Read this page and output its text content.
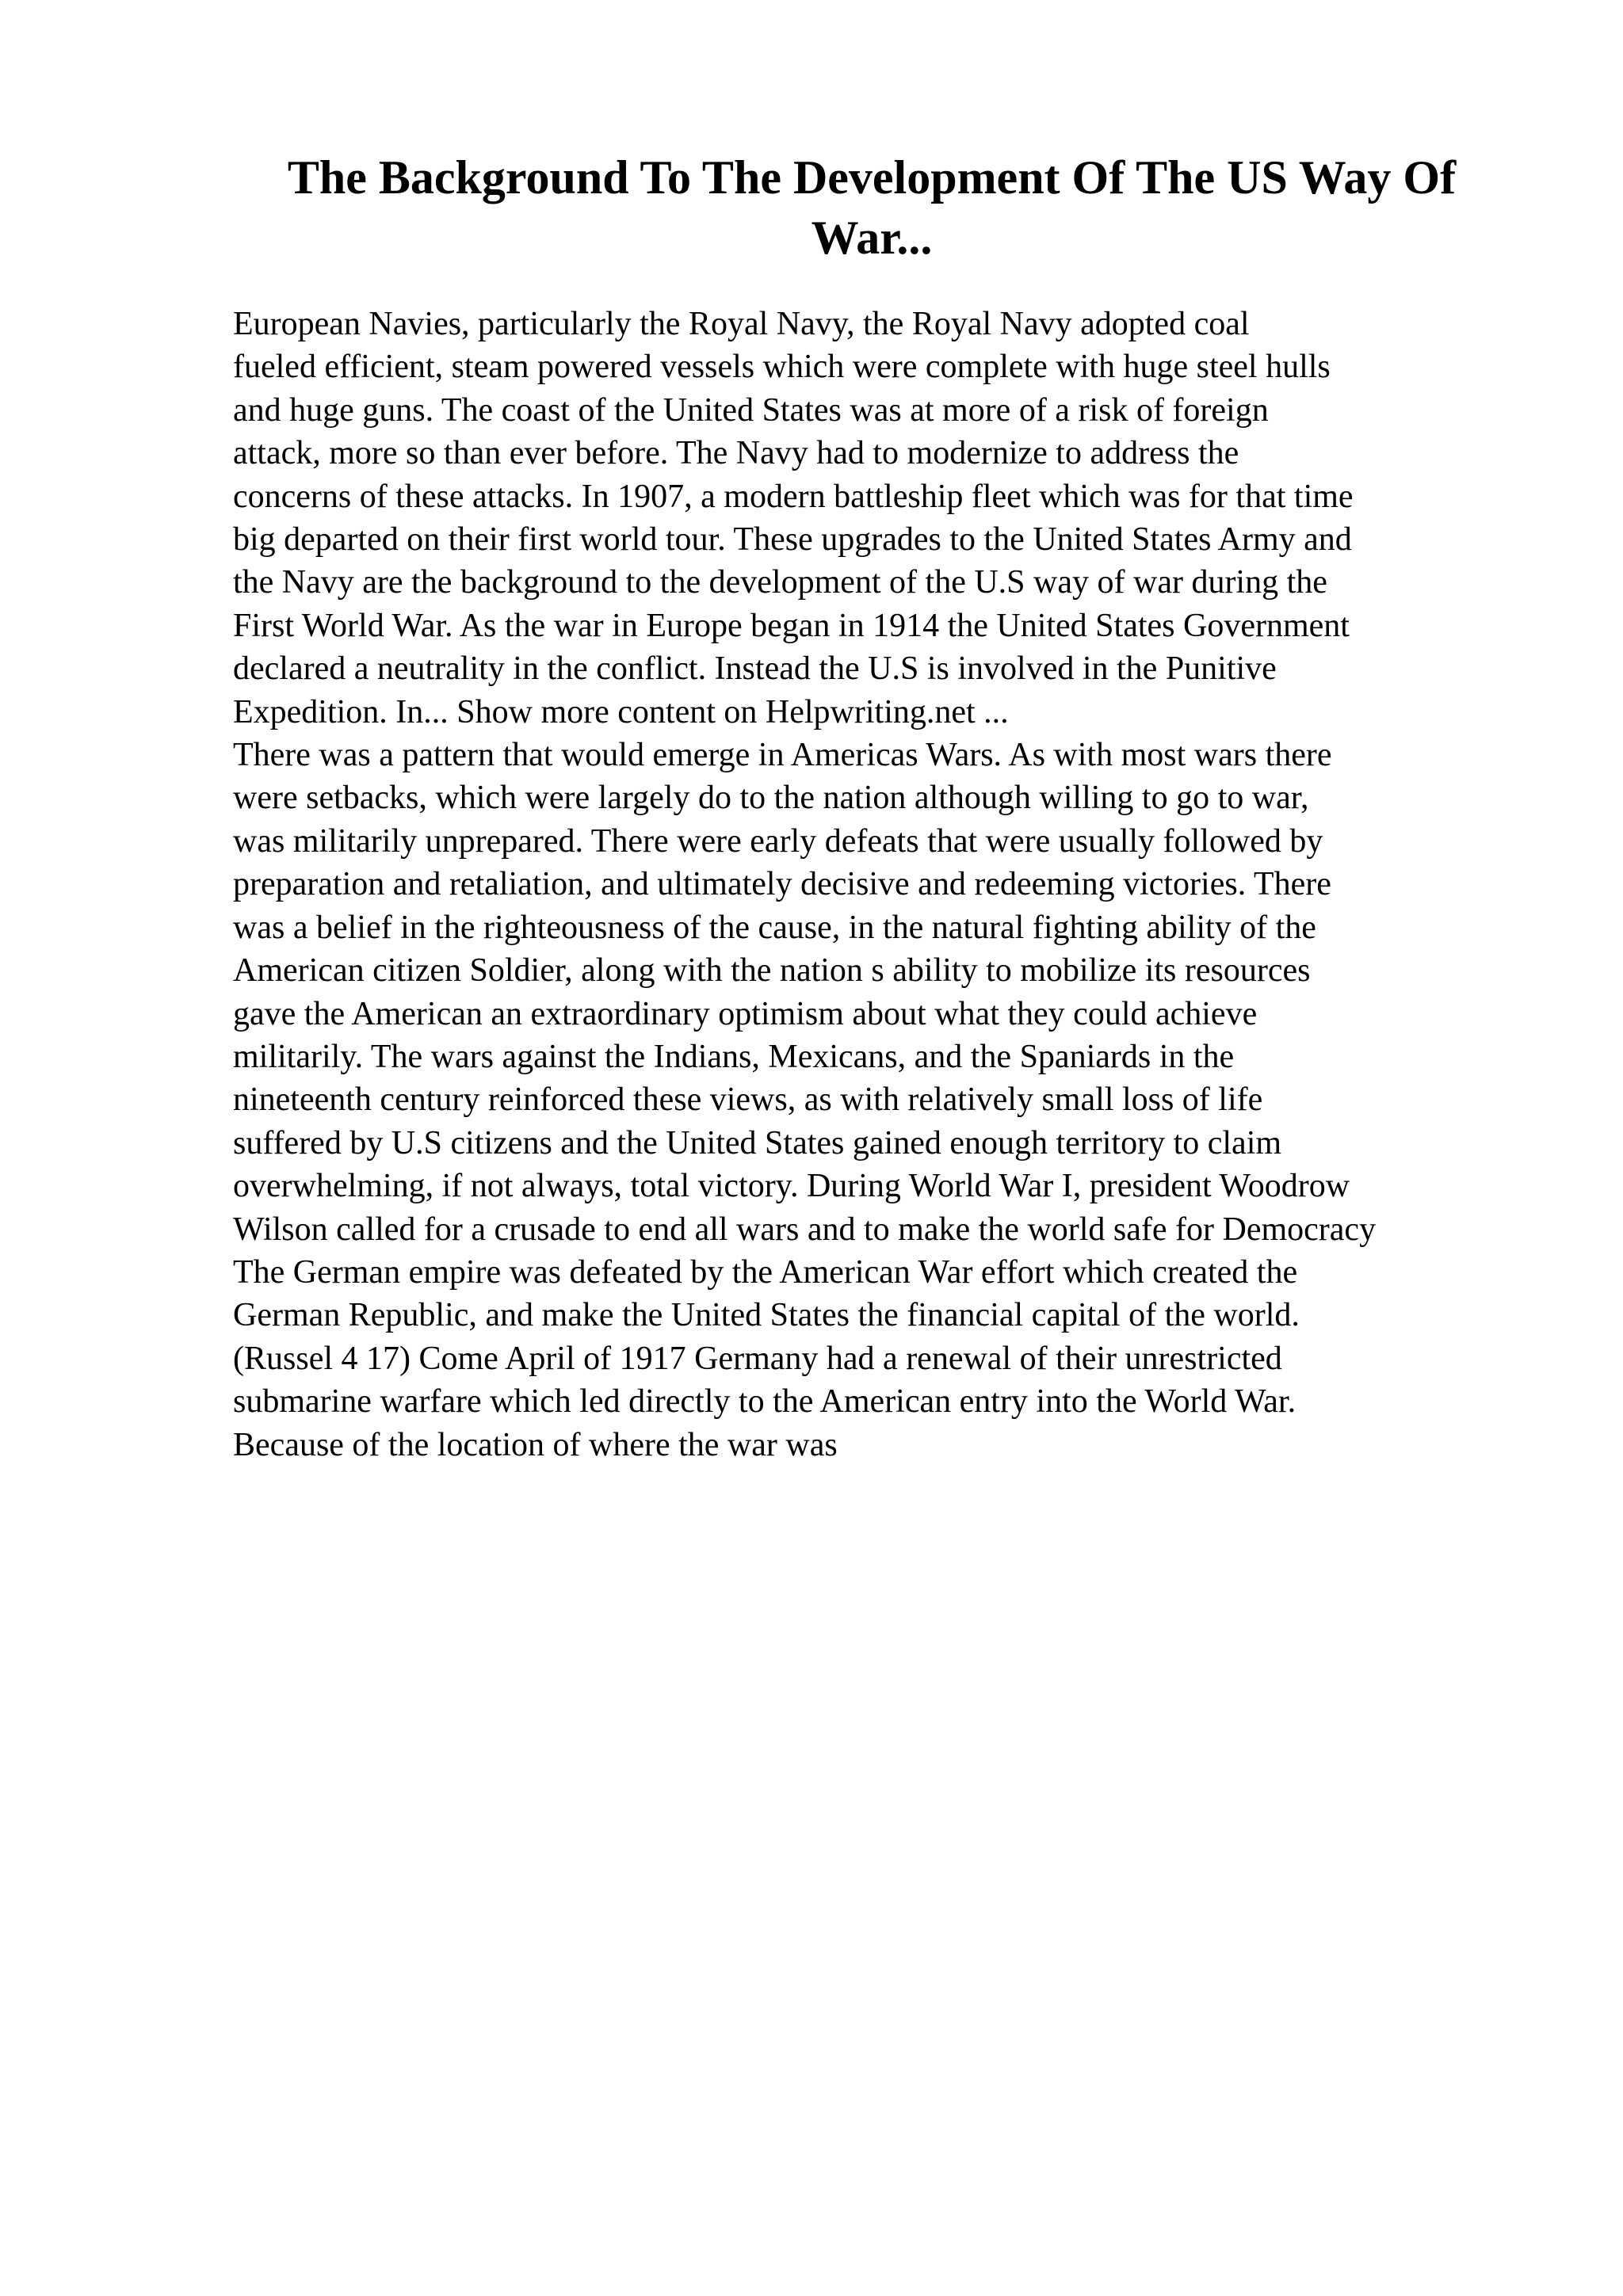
The Background To The Development Of The US Way Of
War...
European Navies, particularly the Royal Navy, the Royal Navy adopted coal
fueled efficient, steam powered vessels which were complete with huge steel hulls
and huge guns. The coast of the United States was at more of a risk of foreign
attack, more so than ever before. The Navy had to modernize to address the
concerns of these attacks. In 1907, a modern battleship fleet which was for that time
big departed on their first world tour. These upgrades to the United States Army and
the Navy are the background to the development of the U.S way of war during the
First World War. As the war in Europe began in 1914 the United States Government
declared a neutrality in the conflict. Instead the U.S is involved in the Punitive
Expedition. In... Show more content on Helpwriting.net ...
There was a pattern that would emerge in Americas Wars. As with most wars there
were setbacks, which were largely do to the nation although willing to go to war,
was militarily unprepared. There were early defeats that were usually followed by
preparation and retaliation, and ultimately decisive and redeeming victories. There
was a belief in the righteousness of the cause, in the natural fighting ability of the
American citizen Soldier, along with the nation s ability to mobilize its resources
gave the American an extraordinary optimism about what they could achieve
militarily. The wars against the Indians, Mexicans, and the Spaniards in the
nineteenth century reinforced these views, as with relatively small loss of life
suffered by U.S citizens and the United States gained enough territory to claim
overwhelming, if not always, total victory. During World War I, president Woodrow
Wilson called for a crusade to end all wars and to make the world safe for Democracy
The German empire was defeated by the American War effort which created the
German Republic, and make the United States the financial capital of the world.
(Russel 4 17) Come April of 1917 Germany had a renewal of their unrestricted
submarine warfare which led directly to the American entry into the World War.
Because of the location of where the war was
